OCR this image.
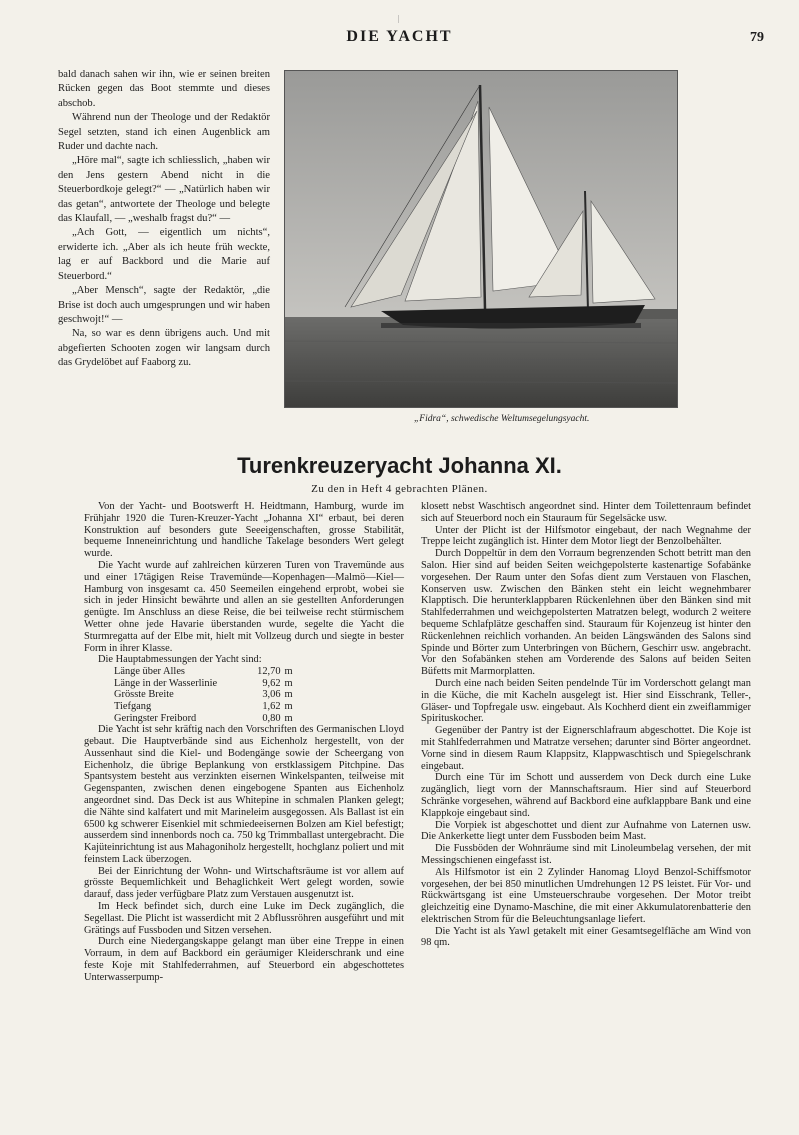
|
DIE YACHT	79

bald danach sahen wir ihn, wie er seinen breiten Rücken gegen das Boot stemmte und dieses abschob.

Während nun der Theologe und der Redaktör Segel setzten, stand ich einen Augenblick am Ruder und dachte nach.

„Höre mal“, sagte ich schliesslich, „haben wir den Jens gestern Abend nicht in die Steuerbordkoje gelegt?“ — „Natürlich haben wir das getan“, antwortete der Theologe und belegte das Klaufall, — „weshalb fragst du?“ —

„Ach Gott, — eigentlich um nichts“, erwiderte ich. „Aber als ich heute früh weckte, lag er auf Backbord und die Marie auf Steuerbord.“

„Aber Mensch“, sagte der Redaktör, „die Brise ist doch auch umgesprungen und wir haben geschwojt!“ —

Na, so war es denn übrigens auch. Und mit abgefierten Schooten zogen wir langsam durch das Grydelöbet auf Faaborg zu.

„Fidra“, schwedische Weltumsegelungsyacht.
Turenkreuzeryacht Johanna XI.
Zu den in Heft 4 gebrachten Plänen.

Von der Yacht- und Bootswerft H. Heidtmann, Hamburg, wurde im Frühjahr 1920 die Turen-Kreuzer-Yacht „Johanna XI“ erbaut, bei deren Konstruktion auf besonders gute Seeeigenschaften, grosse Stabilität, bequeme Inneneinrichtung und handliche Takelage besonders Wert gelegt wurde.

Die Yacht wurde auf zahlreichen kürzeren Turen von Travemünde aus und einer 17tägigen Reise Travemünde—Kopenhagen—Malmö—Kiel—Hamburg von insgesamt ca. 450 Seemeilen eingehend erprobt, wobei sie sich in jeder Hinsicht bewährte und allen an sie gestellten Anforderungen genügte. Im Anschluss an diese Reise, die bei teilweise recht stürmischem Wetter ohne jede Havarie überstanden wurde, segelte die Yacht die Sturmregatta auf der Elbe mit, hielt mit Vollzeug durch und siegte in bester Form in ihrer Klasse.

Die Hauptabmessungen der Yacht sind:

Länge über Alles	12,70	m
Länge in der Wasserlinie	9,62	m
Grösste Breite	3,06	m
Tiefgang	1,62	m
Geringster Freibord	0,80	m

Die Yacht ist sehr kräftig nach den Vorschriften des Germanischen Lloyd gebaut. Die Hauptverbände sind aus Eichenholz hergestellt, von der Aussenhaut sind die Kiel- und Bodengänge sowie der Scheergang von Eichenholz, die übrige Beplankung von erstklassigem Pitchpine. Das Spantsystem besteht aus verzinkten eisernen Winkelspanten, teilweise mit Gegenspanten, zwischen denen eingebogene Spanten aus Eichenholz angeordnet sind. Das Deck ist aus Whitepine in schmalen Planken gelegt; die Nähte sind kalfatert und mit Marineleim ausgegossen. Als Ballast ist ein 6500 kg schwerer Eisenkiel mit schmiedeeisernen Bolzen am Kiel befestigt; ausserdem sind innenbords noch ca. 750 kg Trimmballast untergebracht. Die Kajüteinrichtung ist aus Mahagoniholz hergestellt, hochglanz poliert und mit feinstem Lack überzogen.

Bei der Einrichtung der Wohn- und Wirtschaftsräume ist vor allem auf grösste Bequemlichkeit und Behaglichkeit Wert gelegt worden, sowie darauf, dass jeder verfügbare Platz zum Verstauen ausgenutzt ist.

Im Heck befindet sich, durch eine Luke im Deck zugänglich, die Segellast. Die Plicht ist wasserdicht mit 2 Abflussröhren ausgeführt und mit Grätings auf Fussboden und Sitzen versehen.

Durch eine Niedergangskappe gelangt man über eine Treppe in einen Vorraum, in dem auf Backbord ein geräumiger Kleiderschrank und eine feste Koje mit Stahlfederrahmen, auf Steuerbord ein abgeschottetes Unterwasserpump-

klosett nebst Waschtisch angeordnet sind. Hinter dem Toilettenraum befindet sich auf Steuerbord noch ein Stauraum für Segelsäcke usw.

Unter der Plicht ist der Hilfsmotor eingebaut, der nach Wegnahme der Treppe leicht zugänglich ist. Hinter dem Motor liegt der Benzolbehälter.

Durch Doppeltür in dem den Vorraum begrenzenden Schott betritt man den Salon. Hier sind auf beiden Seiten weichgepolsterte kastenartige Sofabänke vorgesehen. Der Raum unter den Sofas dient zum Verstauen von Flaschen, Konserven usw. Zwischen den Bänken steht ein leicht wegnehmbarer Klapptisch. Die herunterklappbaren Rückenlehnen über den Bänken sind mit Stahlfederrahmen und weichgepolsterten Matratzen belegt, wodurch 2 weitere bequeme Schlafplätze geschaffen sind. Stauraum für Kojenzeug ist hinter den Rückenlehnen reichlich vorhanden. An beiden Längswänden des Salons sind Spinde und Börter zum Unterbringen von Büchern, Geschirr usw. angebracht. Vor den Sofabänken stehen am Vorderende des Salons auf beiden Seiten Büfetts mit Marmorplatten.

Durch eine nach beiden Seiten pendelnde Tür im Vorderschott gelangt man in die Küche, die mit Kacheln ausgelegt ist. Hier sind Eisschrank, Teller-, Gläser- und Topfregale usw. eingebaut. Als Kochherd dient ein zweiflammiger Spirituskocher.

Gegenüber der Pantry ist der Eignerschlafraum abgeschottet. Die Koje ist mit Stahlfederrahmen und Matratze versehen; darunter sind Börter angeordnet. Vorne sind in diesem Raum Klappsitz, Klappwaschtisch und Spiegelschrank eingebaut.

Durch eine Tür im Schott und ausserdem von Deck durch eine Luke zugänglich, liegt vorn der Mannschaftsraum. Hier sind auf Steuerbord Schränke vorgesehen, während auf Backbord eine aufklappbare Bank und eine Klappkoje eingebaut sind.

Die Vorpiek ist abgeschottet und dient zur Aufnahme von Laternen usw. Die Ankerkette liegt unter dem Fussboden beim Mast.

Die Fussböden der Wohnräume sind mit Linoleumbelag versehen, der mit Messingschienen eingefasst ist.

Als Hilfsmotor ist ein 2 Zylinder Hanomag Lloyd Benzol-Schiffsmotor vorgesehen, der bei 850 minutlichen Umdrehungen 12 PS leistet. Für Vor- und Rückwärtsgang ist eine Umsteuerschraube vorgesehen. Der Motor treibt gleichzeitig eine Dynamo-Maschine, die mit einer Akkumulatorenbatterie den elektrischen Strom für die Beleuchtungsanlage liefert.

Die Yacht ist als Yawl getakelt mit einer Gesamtsegelfläche am Wind von 98 qm.
